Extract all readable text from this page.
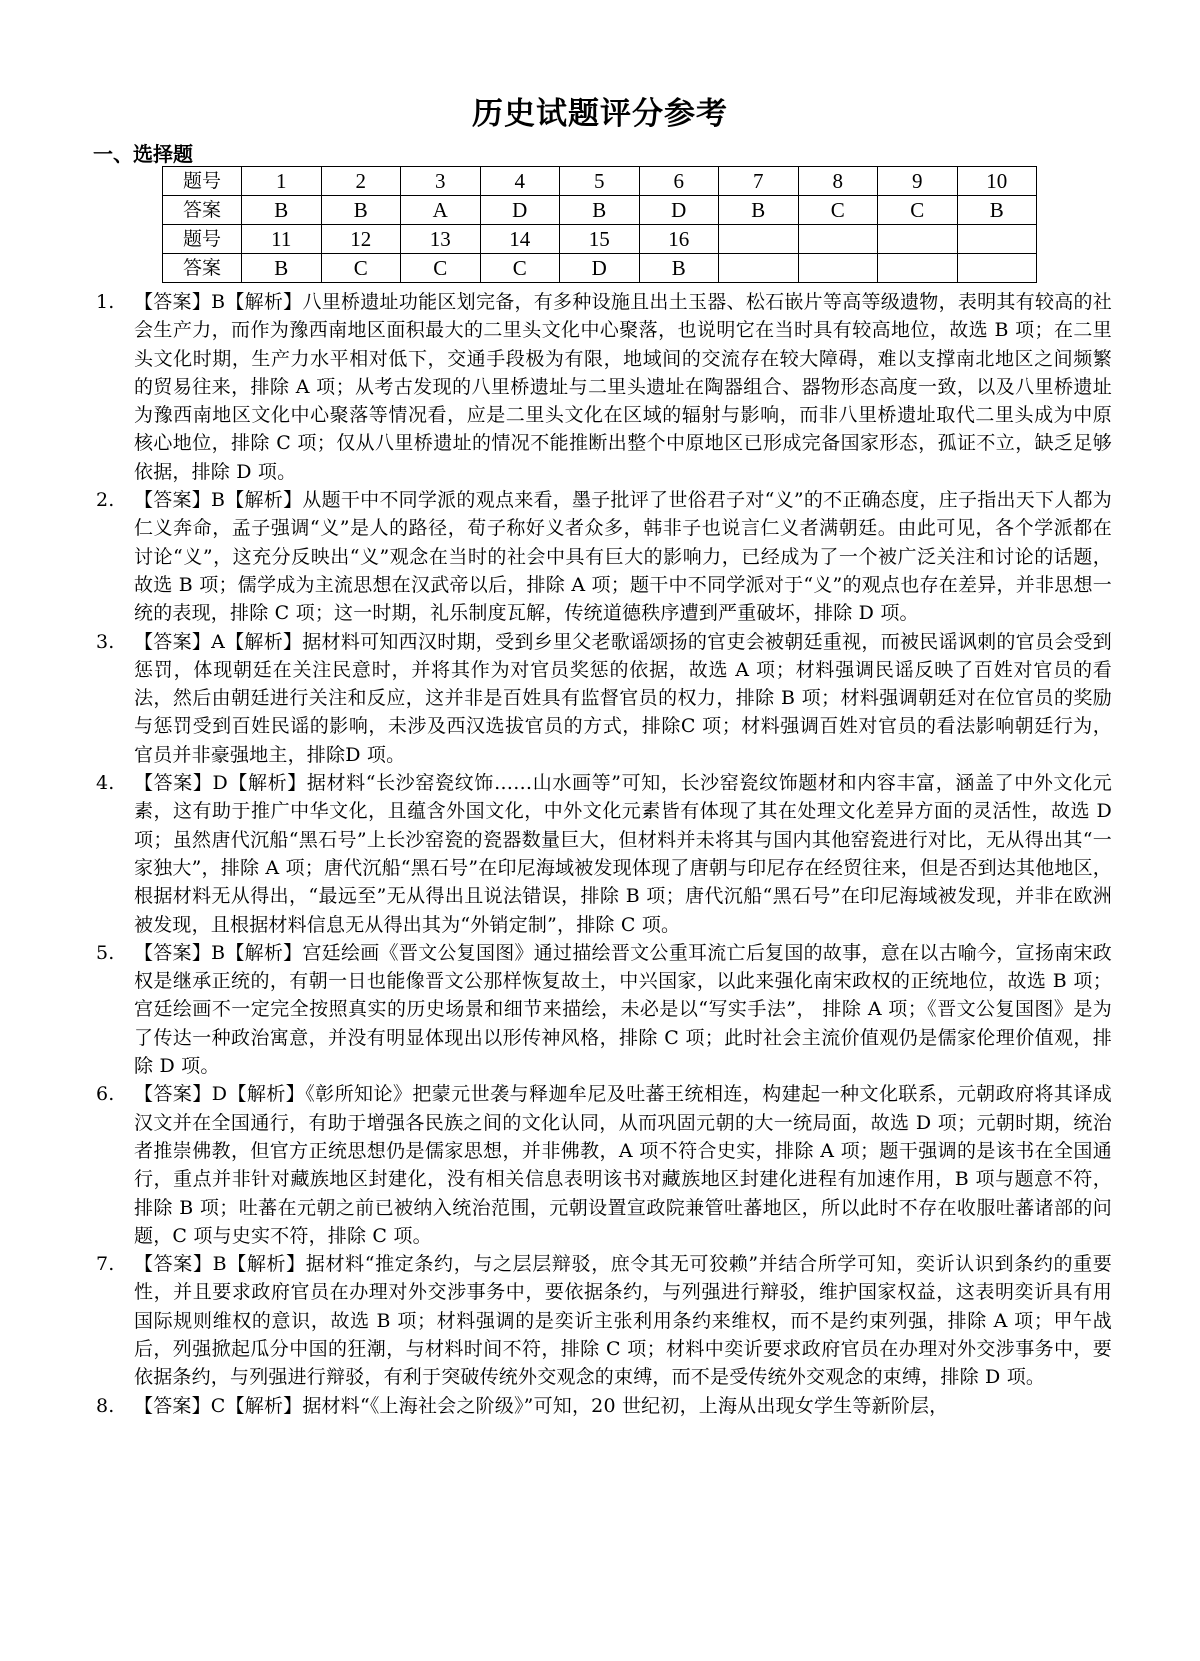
历史试题评分参考
一、选择题
题号	1	2	3	4	5	6	7	8	9	10
答案	B	B	A	D	B	D	B	C	C	B
题号	11	12	13	14	15	16				
答案	B	C	C	C	D	B				
1. 【答案】B【解析】八里桥遗址功能区划完备，有多种设施且出土玉器、松石嵌片等高等级遗物，表明其有较高的社会生产力，而作为豫西南地区面积最大的二里头文化中心聚落，也说明它在当时具有较高地位，故选 B 项；在二里头文化时期，生产力水平相对低下，交通手段极为有限，地域间的交流存在较大障碍，难以支撑南北地区之间频繁的贸易往来，排除 A 项；从考古发现的八里桥遗址与二里头遗址在陶器组合、器物形态高度一致，以及八里桥遗址为豫西南地区文化中心聚落等情况看，应是二里头文化在区域的辐射与影响，而非八里桥遗址取代二里头成为中原核心地位，排除 C 项；仅从八里桥遗址的情况不能推断出整个中原地区已形成完备国家形态，孤证不立，缺乏足够依据，排除 D 项。
2. 【答案】B【解析】从题干中不同学派的观点来看，墨子批评了世俗君子对“义”的不正确态度，庄子指出天下人都为仁义奔命，孟子强调“义”是人的路径，荀子称好义者众多，韩非子也说言仁义者满朝廷。由此可见，各个学派都在讨论“义”，这充分反映出“义”观念在当时的社会中具有巨大的影响力，已经成为了一个被广泛关注和讨论的话题，故选 B 项；儒学成为主流思想在汉武帝以后，排除 A 项；题干中不同学派对于“义”的观点也存在差异，并非思想一统的表现，排除 C 项；这一时期，礼乐制度瓦解，传统道德秩序遭到严重破坏，排除 D 项。
3. 【答案】A【解析】据材料可知西汉时期，受到乡里父老歌谣颂扬的官吏会被朝廷重视，而被民谣讽刺的官员会受到惩罚，体现朝廷在关注民意时，并将其作为对官员奖惩的依据，故选 A 项；材料强调民谣反映了百姓对官员的看法，然后由朝廷进行关注和反应，这并非是百姓具有监督官员的权力，排除 B 项；材料强调朝廷对在位官员的奖励与惩罚受到百姓民谣的影响，未涉及西汉选拔官员的方式，排除C 项；材料强调百姓对官员的看法影响朝廷行为，官员并非豪强地主，排除D 项。
4. 【答案】D【解析】据材料“长沙窑瓷纹饰……山水画等”可知，长沙窑瓷纹饰题材和内容丰富，涵盖了中外文化元素，这有助于推广中华文化，且蕴含外国文化，中外文化元素皆有体现了其在处理文化差异方面的灵活性，故选 D 项；虽然唐代沉船“黑石号”上长沙窑瓷的瓷器数量巨大，但材料并未将其与国内其他窑瓷进行对比，无从得出其“一家独大”，排除 A 项；唐代沉船“黑石号”在印尼海域被发现体现了唐朝与印尼存在经贸往来，但是否到达其他地区，根据材料无从得出，“最远至”无从得出且说法错误，排除 B 项；唐代沉船“黑石号”在印尼海域被发现，并非在欧洲被发现，且根据材料信息无从得出其为“外销定制”，排除 C 项。
5. 【答案】B【解析】宫廷绘画《晋文公复国图》通过描绘晋文公重耳流亡后复国的故事，意在以古喻今，宣扬南宋政权是继承正统的，有朝一日也能像晋文公那样恢复故土，中兴国家，以此来强化南宋政权的正统地位，故选 B 项；宫廷绘画不一定完全按照真实的历史场景和细节来描绘，未必是以“写实手法”， 排除 A 项；《晋文公复国图》是为了传达一种政治寓意，并没有明显体现出以形传神风格，排除 C 项；此时社会主流价值观仍是儒家伦理价值观，排除 D 项。
6. 【答案】D【解析】《彰所知论》把蒙元世袭与释迦牟尼及吐蕃王统相连，构建起一种文化联系，元朝政府将其译成汉文并在全国通行，有助于增强各民族之间的文化认同，从而巩固元朝的大一统局面，故选 D 项；元朝时期，统治者推崇佛教，但官方正统思想仍是儒家思想，并非佛教，A 项不符合史实，排除 A 项；题干强调的是该书在全国通行，重点并非针对藏族地区封建化，没有相关信息表明该书对藏族地区封建化进程有加速作用，B 项与题意不符，排除 B 项；吐蕃在元朝之前已被纳入统治范围，元朝设置宣政院兼管吐蕃地区，所以此时不存在收服吐蕃诸部的问题，C 项与史实不符，排除 C 项。
7. 【答案】B【解析】据材料“推定条约，与之层层辩驳，庶令其无可狡赖”并结合所学可知，奕䜣认识到条约的重要性，并且要求政府官员在办理对外交涉事务中，要依据条约，与列强进行辩驳，维护国家权益，这表明奕䜣具有用国际规则维权的意识，故选 B 项；材料强调的是奕䜣主张利用条约来维权，而不是约束列强，排除 A 项；甲午战后，列强掀起瓜分中国的狂潮，与材料时间不符，排除 C 项；材料中奕䜣要求政府官员在办理对外交涉事务中，要依据条约，与列强进行辩驳，有利于突破传统外交观念的束缚，而不是受传统外交观念的束缚，排除 D 项。
8. 【答案】C【解析】据材料“《上海社会之阶级》”可知，20 世纪初，上海从出现女学生等新阶层，
